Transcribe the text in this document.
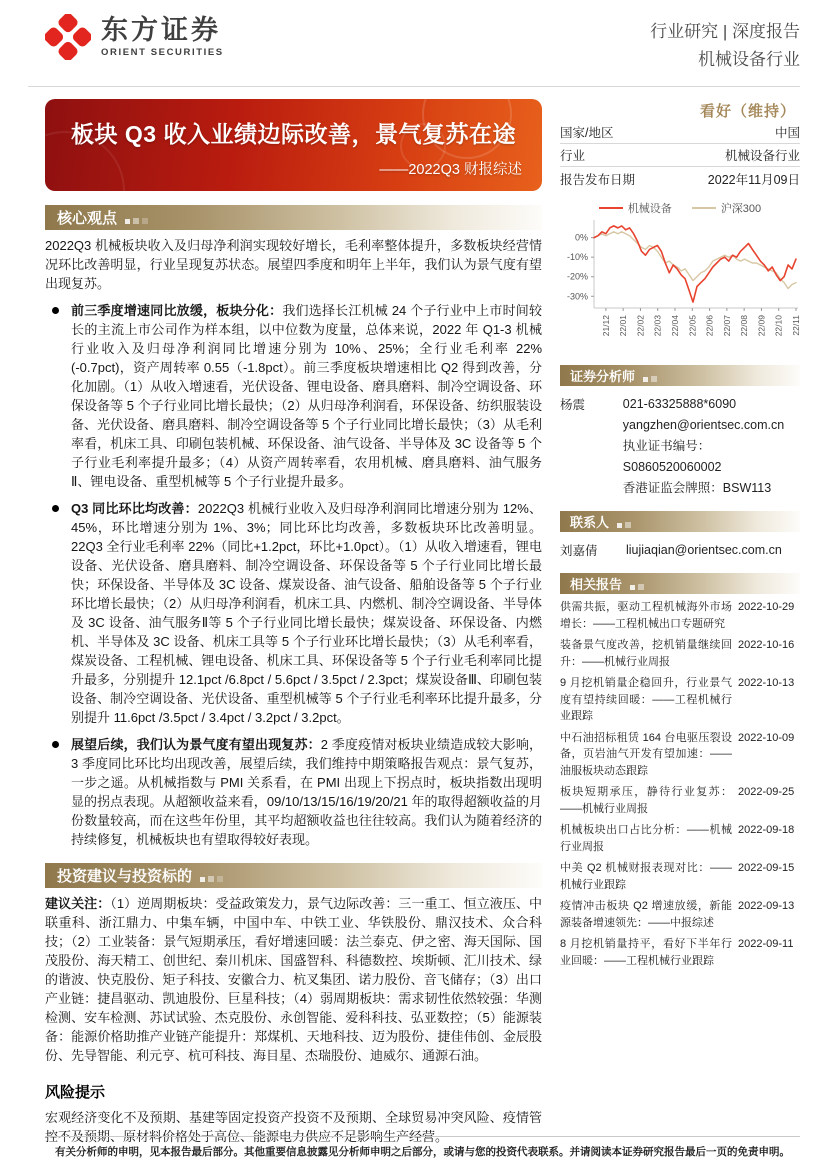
东方证券
ORIENT SECURITIES
行业研究 | 深度报告
机械设备行业
板块 Q3 收入业绩边际改善，景气复苏在途
——2022Q3 财报综述
核心观点

2022Q3 机械板块收入及归母净利润实现较好增长，毛利率整体提升，多数板块经营情况环比改善明显，行业呈现复苏状态。展望四季度和明年上半年，我们认为景气度有望出现复苏。

前三季度增速同比放缓，板块分化：我们选择长江机械 24 个子行业中上市时间较长的主流上市公司作为样本组，以中位数为度量，总体来说，2022 年 Q1-3 机械行业收入及归母净利润同比增速分别为 10%、25%；全行业毛利率 22%(-0.7pct)，资产周转率 0.55（-1.8pct）。前三季度板块增速相比 Q2 得到改善，分化加剧。（1）从收入增速看，光伏设备、锂电设备、磨具磨料、制冷空调设备、环保设备等 5 个子行业同比增长最快；（2）从归母净利润看，环保设备、纺织服装设备、光伏设备、磨具磨料、制冷空调设备等 5 个子行业同比增长最快；（3）从毛利率看，机床工具、印刷包装机械、环保设备、油气设备、半导体及 3C 设备等 5 个子行业毛利率提升最多；（4）从资产周转率看，农用机械、磨具磨料、油气服务Ⅱ、锂电设备、重型机械等 5 个子行业提升最多。
Q3 同比环比均改善：2022Q3 机械行业收入及归母净利润同比增速分别为 12%、45%，环比增速分别为 1%、3%；同比环比均改善，多数板块环比改善明显。22Q3 全行业毛利率 22%（同比+1.2pct，环比+1.0pct）。（1）从收入增速看，锂电设备、光伏设备、磨具磨料、制冷空调设备、环保设备等 5 个子行业同比增长最快；环保设备、半导体及 3C 设备、煤炭设备、油气设备、船舶设备等 5 个子行业环比增长最快；（2）从归母净利润看，机床工具、内燃机、制冷空调设备、半导体及 3C 设备、油气服务Ⅱ等 5 个子行业同比增长最快；煤炭设备、环保设备、内燃机、半导体及 3C 设备、机床工具等 5 个子行业环比增长最快；（3）从毛利率看，煤炭设备、工程机械、锂电设备、机床工具、环保设备等 5 个子行业毛利率同比提升最多，分别提升 12.1pct /6.8pct / 5.6pct / 3.5pct / 2.3pct；煤炭设备Ⅲ、印刷包装设备、制冷空调设备、光伏设备、重型机械等 5 个子行业毛利率环比提升最多，分别提升 11.6pct /3.5pct / 3.4pct / 3.2pct / 3.2pct。
展望后续，我们认为景气度有望出现复苏：2 季度疫情对板块业绩造成较大影响，3 季度同比环比均出现改善，展望后续，我们维持中期策略报告观点：景气复苏，一步之遥。从机械指数与 PMI 关系看，在 PMI 出现上下拐点时，板块指数出现明显的拐点表现。从超额收益来看，09/10/13/15/16/19/20/21 年的取得超额收益的月份数量较高，而在这些年份里，其平均超额收益也往往较高。我们认为随着经济的持续修复，机械板块也有望取得较好表现。
投资建议与投资标的

建议关注：（1）逆周期板块：受益政策发力，景气边际改善：三一重工、恒立液压、中联重科、浙江鼎力、中集车辆，中国中车、中铁工业、华铁股份、鼎汉技术、众合科技；（2）工业装备：景气短期承压，看好增速回暖：法兰泰克、伊之密、海天国际、国茂股份、海天精工、创世纪、秦川机床、国盛智科、科德数控、埃斯顿、汇川技术、绿的谐波、快克股份、矩子科技、安徽合力、杭叉集团、诺力股份、音飞储存；（3）出口产业链：捷昌驱动、凯迪股份、巨星科技；（4）弱周期板块：需求韧性依然较强：华测检测、安车检测、苏试试验、杰克股份、永创智能、爱科科技、弘亚数控；（5）能源装备：能源价格助推产业链产能提升：郑煤机、天地科技、迈为股份、捷佳伟创、金辰股份、先导智能、利元亨、杭可科技、海目星、杰瑞股份、迪威尔、通源石油。

风险提示

宏观经济变化不及预期、基建等固定投资产投资不及预期、全球贸易冲突风险、疫情管控不及预期、原材料价格处于高位、能源电力供应不足影响生产经营。

行业评级	看好（维持）
国家/地区	中国
行业	机械设备行业
报告发布日期	2022年11月09日
机械设备	沪深300
0%
-10%
-20%
-30%
21/12 22/01 22/02 22/03 22/04 22/05 22/06 22/07 22/08 22/09 22/10 22/11
证券分析师
杨震	021-63325888*6090
yangzhen@orientsec.com.cn
执业证书编号：S0860520060002
香港证监会牌照：BSW113
联系人
刘嘉倩	liujiaqian@orientsec.com.cn
相关报告
供需共振，驱动工程机械海外市场增长：——工程机械出口专题研究
2022-10-29
装备景气度改善，挖机销量继续回升：——机械行业周报
2022-10-16
9 月挖机销量企稳回升，行业景气度有望持续回暖：——工程机械行业跟踪
2022-10-13
中石油招标租赁 164 台电驱压裂设备，页岩油气开发有望加速：——油服板块动态跟踪
2022-10-09
板块短期承压，静待行业复苏：——机械行业周报
2022-09-25
机械板块出口占比分析：——机械行业周报
2022-09-18
中美 Q2 机械财报表现对比：——机械行业跟踪
2022-09-15
疫情冲击板块 Q2 增速放缓，新能源装备增速领先：——中报综述
2022-09-13
8 月挖机销量持平，看好下半年行业回暖：——工程机械行业跟踪
2022-09-11
有关分析师的申明，见本报告最后部分。其他重要信息披露见分析师申明之后部分，或请与您的投资代表联系。并请阅读本证券研究报告最后一页的免责申明。
